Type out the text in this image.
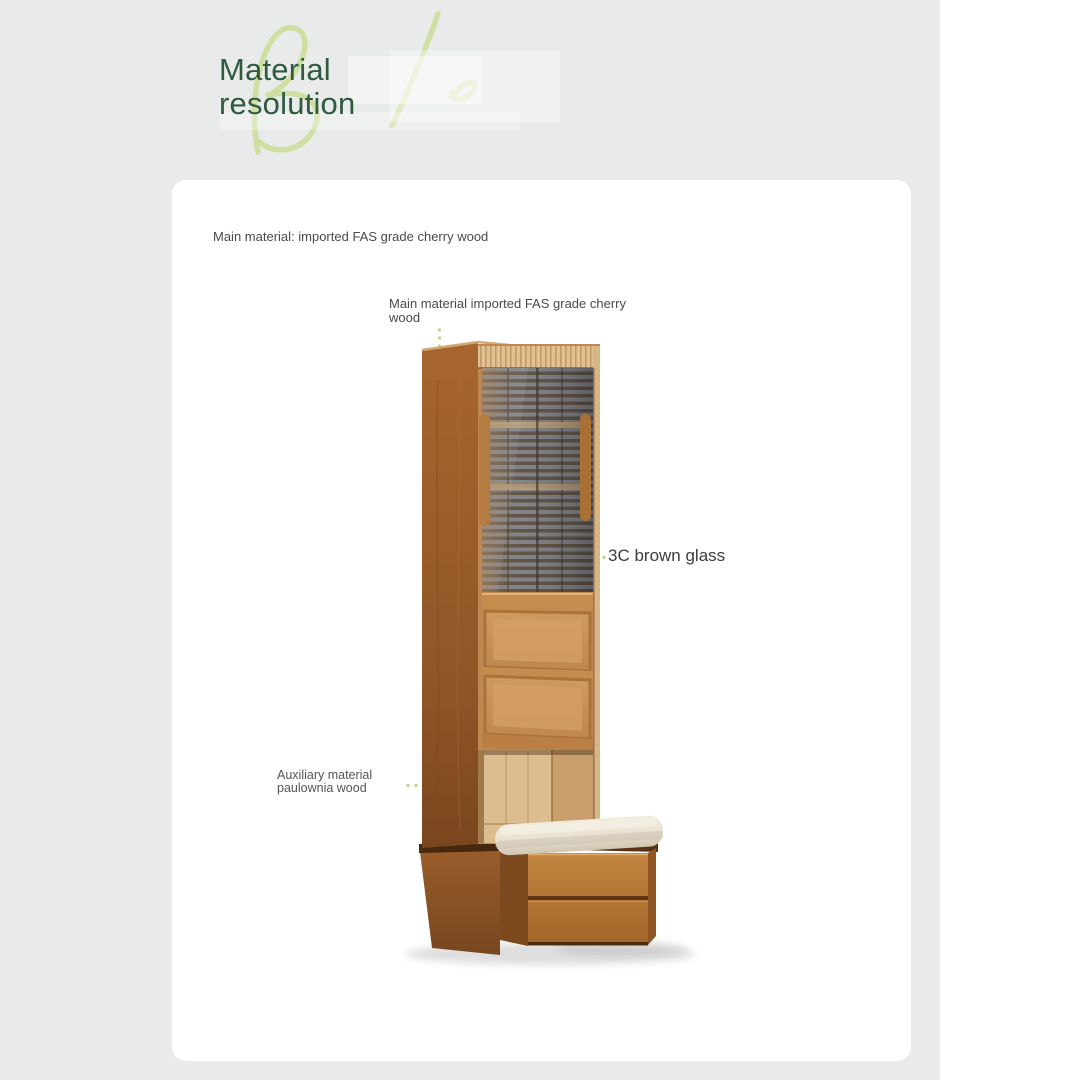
Material
resolution
Main material: imported FAS grade cherry wood
Main material imported FAS grade cherry wood
3C brown glass
Auxiliary material paulownia wood
